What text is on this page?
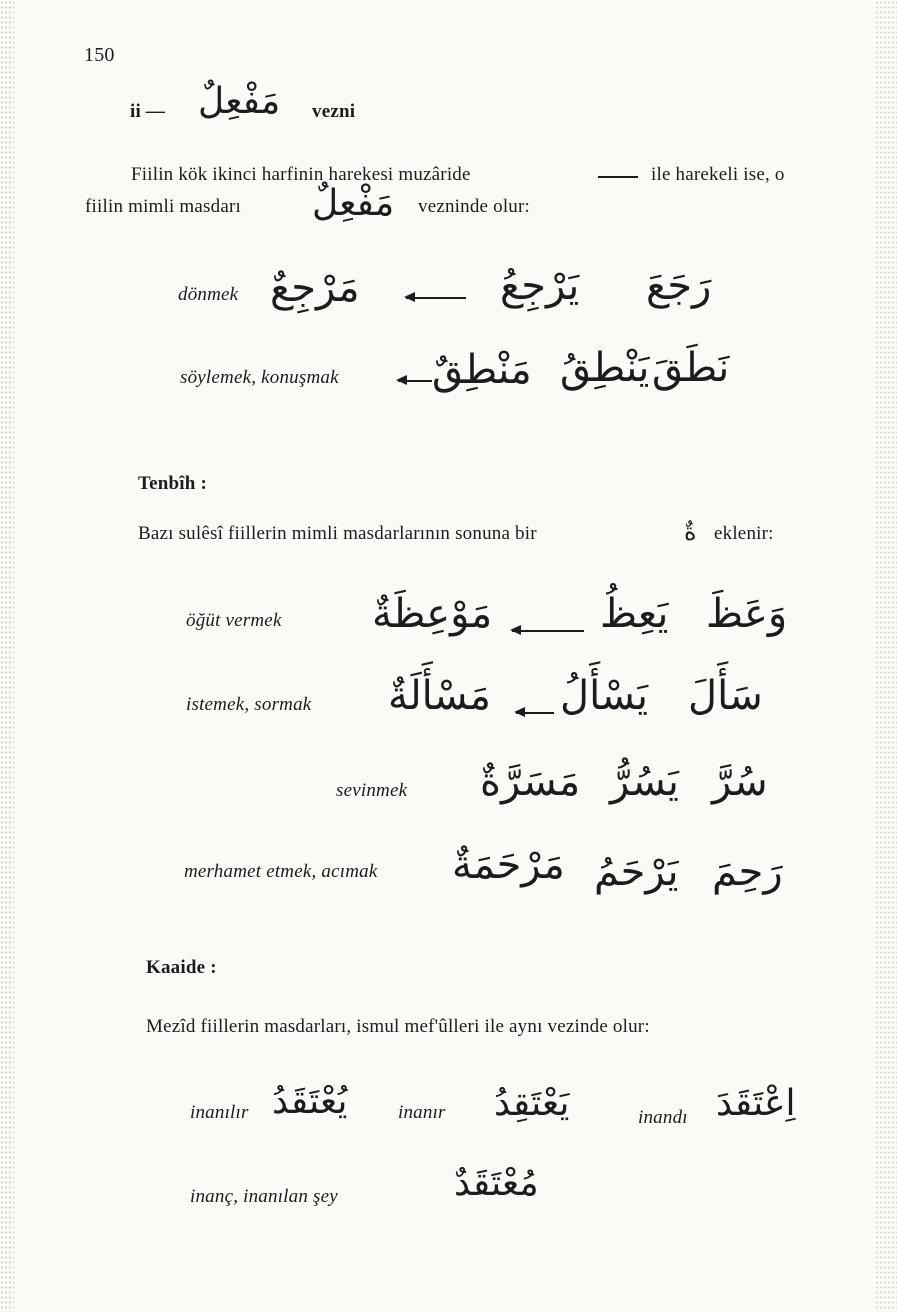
150
ii — مَفْعِلٌ vezni
Fiilin kök ikinci harfinin harekesi muzâride	ile harekeli ise, o
fiilin mimli masdarı مَفْعِلٌ vezninde olur:
dönmek مَرْجِعٌ	يَرْجِعُ رَجَعَ
söylemek, konuşmak مَنْطِقٌ يَنْطِقُ نَطَقَ
Tenbîh :
Bazı sulêsî fiillerin mimli masdarlarının sonuna bir	ةٌ eklenir:
öğüt vermek مَوْعِظَةٌ	يَعِظُ وَعَظَ
istemek, sormak مَسْأَلَةٌ يَسْأَلُ سَأَلَ
sevinmek مَسَرَّةٌ يَسُرُّ سُرَّ
merhamet etmek, acımak مَرْحَمَةٌ يَرْحَمُ رَحِمَ
Kaaide :
Mezîd fiillerin masdarları, ismul mef'ûlleri ile aynı vezinde olur:
inanılır يُعْتَقَدُ	inanır يَعْتَقِدُ	inandı اِعْتَقَدَ
inanç, inanılan şey	مُعْتَقَدٌ
